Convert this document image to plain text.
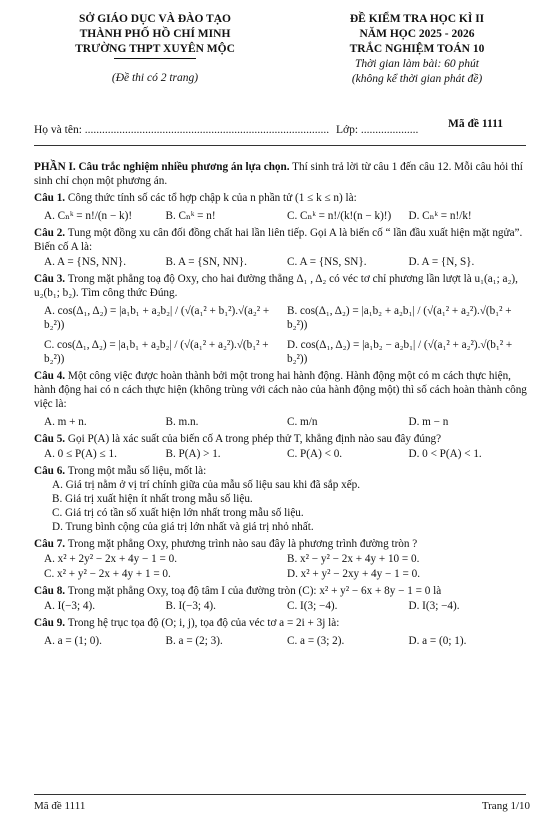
SỞ GIÁO DỤC VÀ ĐÀO TẠO
THÀNH PHỐ HỒ CHÍ MINH
TRƯỜNG THPT XUYÊN MỘC
(Đề thi có 2 trang)
ĐỀ KIỂM TRA HỌC KÌ II
NĂM HỌC 2025 - 2026
TRẮC NGHIỆM TOÁN 10
Thời gian làm bài: 60 phút
(không kể thời gian phát đề)
Họ và tên: ..................................................................................... Lớp: ....................	Mã đề 1111

PHẦN I. Câu trắc nghiệm nhiều phương án lựa chọn. Thí sinh trả lời từ câu 1 đến câu 12. Mỗi câu hỏi thí sinh chỉ chọn một phương án.

Câu 1. Công thức tính số các tổ hợp chập k của n phần tử (1 ≤ k ≤ n) là:

A. Cₙᵏ = n!/(n − k)!	B. Cₙᵏ = n!	C. Cₙᵏ = n!/(k!(n − k)!)	D. Cₙᵏ = n!/k!

Câu 2. Tung một đồng xu cân đối đồng chất hai lần liên tiếp. Gọi A là biến cố “ lần đầu xuất hiện mặt ngửa”. Biến cố A là:

A. A = {NS, NN}.	B. A = {SN, NN}.	C. A = {NS, SN}.	D. A = {N, S}.

Câu 3. Trong mặt phẳng toạ độ Oxy, cho hai đường thẳng Δ₁ , Δ₂ có véc tơ chỉ phương lần lượt là u₁(a₁; a₂), u₂(b₁; b₂). Tìm công thức Đúng.

A. cos(Δ₁, Δ₂) = |a₁b₁ + a₂b₂| / (√(a₁² + b₁²).√(a₂² + b₂²))
B. cos(Δ₁, Δ₂) = |a₁b₂ + a₂b₁| / (√(a₁² + a₂²).√(b₁² + b₂²))
C. cos(Δ₁, Δ₂) = |a₁b₁ + a₂b₂| / (√(a₁² + a₂²).√(b₁² + b₂²))
D. cos(Δ₁, Δ₂) = |a₁b₂ − a₂b₁| / (√(a₁² + a₂²).√(b₁² + b₂²))

Câu 4. Một công việc được hoàn thành bởi một trong hai hành động. Hành động một có m cách thực hiện, hành động hai có n cách thực hiện (không trùng với cách nào của hành động một) thì số cách hoàn thành công việc là:

A. m + n.	B. m.n.	C. m/n	D. m − n

Câu 5. Gọi P(A) là xác suất của biến cố A trong phép thử T, khẳng định nào sau đây đúng?

A. 0 ≤ P(A) ≤ 1.	B. P(A) > 1.	C. P(A) < 0.	D. 0 < P(A) < 1.

Câu 6. Trong một mẫu số liệu, mốt là:

A. Giá trị nằm ở vị trí chính giữa của mẫu số liệu sau khi đã sắp xếp.
B. Giá trị xuất hiện ít nhất trong mẫu số liệu.
C. Giá trị có tần số xuất hiện lớn nhất trong mẫu số liệu.
D. Trung bình cộng của giá trị lớn nhất và giá trị nhỏ nhất.

Câu 7. Trong mặt phẳng Oxy, phương trình nào sau đây là phương trình đường tròn ?

A. x² + 2y² − 2x + 4y − 1 = 0.	B. x² − y² − 2x + 4y + 10 = 0.
C. x² + y² − 2x + 4y + 1 = 0.	D. x² + y² − 2xy + 4y − 1 = 0.

Câu 8. Trong mặt phẳng Oxy, toạ độ tâm I của đường tròn (C): x² + y² − 6x + 8y − 1 = 0 là

A. I(−3; 4).	B. I(−3; 4).	C. I(3; −4).	D. I(3; −4).

Câu 9. Trong hệ trục tọa độ (O; i, j), tọa độ của véc tơ a = 2i + 3j là:

A. a = (1; 0).	B. a = (2; 3).	C. a = (3; 2).	D. a = (0; 1).
Mã đề 1111	Trang 1/10
